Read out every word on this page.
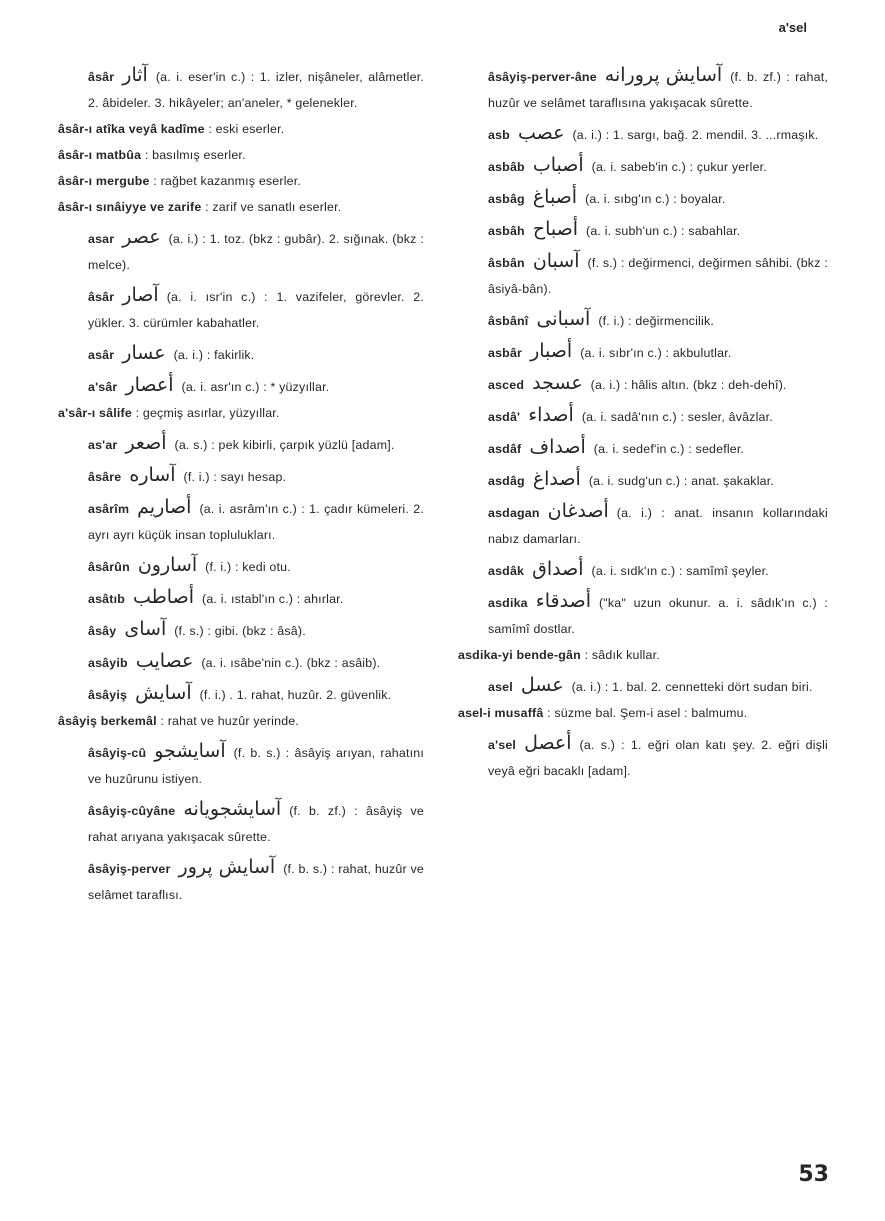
a'sel
âsâr آثار (a. i. eser'in c.) : 1. izler, nişâneler, alâmetler. 2. âbideler. 3. hikâyeler; an'aneler, * gelenekler.
âsâr-ı atîka veyâ kadîme : eski eserler.
âsâr-ı matbûa : basılmış eserler.
âsâr-ı mergube : rağbet kazanmış eserler.
âsâr-ı sınâiyye ve zarife : zarif ve sanatlı eserler.
asar عصر (a. i.) : 1. toz. (bkz : gubâr). 2. sığınak. (bkz : melce).
âsâr آصار (a. i. ısr'in c.) : 1. vazifeler, görevler. 2. yükler. 3. cürümler kabahatler.
asâr عسار (a. i.) : fakirlik.
a'sâr أعصار (a. i. asr'ın c.) : * yüzyıllar.
a'sâr-ı sâlife : geçmiş asırlar, yüzyıllar.
as'ar أصعر (a. s.) : pek kibirli, çarpık yüzlü [adam].
âsâre آساره (f. i.) : sayı hesap.
asârîm أصاريم (a. i. asrâm'ın c.) : 1. çadır kümeleri. 2. ayrı ayrı küçük insan toplulukları.
âsârûn آسارون (f. i.) : kedi otu.
asâtıb أصاطب (a. i. ıstabl'ın c.) : ahırlar.
âsây آساى (f. s.) : gibi. (bkz : âsâ).
asâyib عصايب (a. i. ısâbe'nin c.). (bkz : asâib).
âsâyiş آسايش (f. i.) . 1. rahat, huzûr. 2. güvenlik.
âsâyiş berkemâl : rahat ve huzûr yerinde.
âsâyiş-cû آسايشجو (f. b. s.) : âsâyiş arıyan, rahatını ve huzûrunu istiyen.
âsâyiş-cûyâne آسايشجويانه (f. b. zf.) : âsâyiş ve rahat arıyana yakışacak sûrette.
âsâyiş-perver آسايش پرور (f. b. s.) : rahat, huzûr ve selâmet taraflısı.
âsâyiş-perver-âne آسايش پرورانه (f. b. zf.) : rahat, huzûr ve selâmet taraflısına yakışacak sûrette.
asb عصب (a. i.) : 1. sargı, bağ. 2. mendil. 3. ...rmaşık.
asbâb أصباب (a. i. sabeb'in c.) : çukur yerler.
asbâg أصباغ (a. i. sıbg'ın c.) : boyalar.
asbâh أصباح (a. i. subh'un c.) : sabahlar.
âsbân آسبان (f. s.) : değirmenci, değirmen sâhibi. (bkz : âsiyâ-bân).
âsbânî آسبانى (f. i.) : değirmencilik.
asbâr أصبار (a. i. sıbr'ın c.) : akbulutlar.
asced عسجد (a. i.) : hâlis altın. (bkz : deh-dehî).
asdâ' أصداء (a. i. sadâ'nın c.) : sesler, âvâzlar.
asdâf أصداف (a. i. sedef'in c.) : sedefler.
asdâg أصداغ (a. i. sudg'un c.) : anat. şakaklar.
asdagan أصدغان (a. i.) : anat. insanın kollarındaki nabız damarları.
asdâk أصداق (a. i. sıdk'ın c.) : samîmî şeyler.
asdika أصدقاء ("ka" uzun okunur. a. i. sâdık'ın c.) : samîmî dostlar.
asdika-yi bende-gân : sâdık kullar.
asel عسل (a. i.) : 1. bal. 2. cennetteki dört sudan biri.
asel-i musaffâ : süzme bal. Şem-i asel : balmumu.
a'sel أعصل (a. s.) : 1. eğri olan katı şey. 2. eğri dişli veyâ eğri bacaklı [adam].
53
